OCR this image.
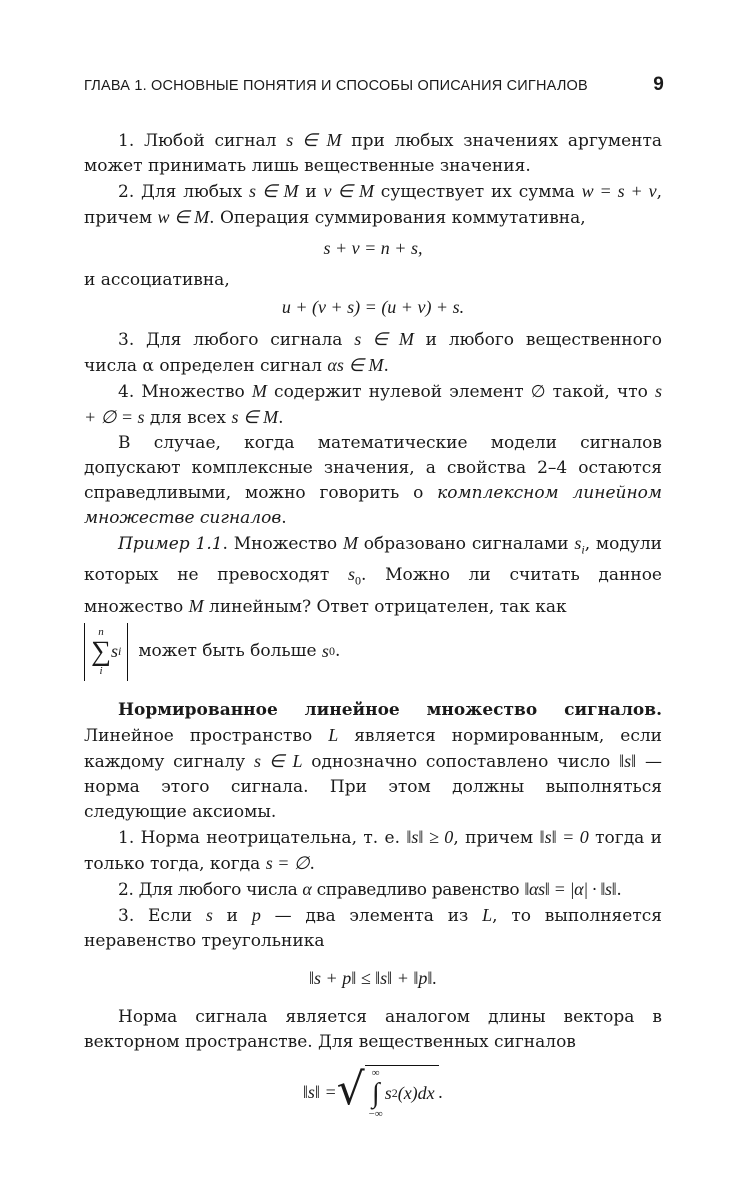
ГЛАВА 1. ОСНОВНЫЕ ПОНЯТИЯ И СПОСОБЫ ОПИСАНИЯ СИГНАЛОВ	9

1. Любой сигнал s ∈ M при любых значениях аргумента может принимать лишь вещественные значения.

2. Для любых s ∈ M и v ∈ M существует их сумма w = s + v, причем w ∈ M. Операция суммирования коммутативна,

s + v = n + s,

и ассоциативна,

u + (v + s) = (u + v) + s.

3. Для любого сигнала s ∈ M и любого вещественного числа α определен сигнал αs ∈ M.

4. Множество M содержит нулевой элемент ∅ такой, что s + ∅ = s для всех s ∈ M.

В случае, когда математические модели сигналов допускают комплексные значения, а свойства 2–4 остаются справедливыми, можно говорить о комплексном линейном множестве сигналов.

Пример 1.1. Множество M образовано сигналами $s_i$, модули которых не превосходят $s_0$. Можно ли считать данное множество M линейным? Ответ отрицателен, так как

n
∑
i
s i может быть больше
s 0 .

Нормированное линейное множество сигналов. Линейное пространство L является нормированным, если каждому сигналу s ∈ L однозначно сопоставлено число ‖s‖ — норма этого сигнала. При этом должны выполняться следующие аксиомы.

1. Норма неотрицательна, т. е. ‖s‖ ≥ 0, причем ‖s‖ = 0 тогда и только тогда, когда s = ∅.

2. Для любого числа α справедливо равенство ‖αs‖ = |α| · ‖s‖.

3. Если s и p — два элемента из L, то выполняется неравенство треугольника

‖s + p‖ ≤ ‖s‖ + ‖p‖.

Норма сигнала является аналогом длины вектора в векторном пространстве. Для вещественных сигналов

‖s‖ = √ ∞
∫
−∞
s 2 (x)dx .
